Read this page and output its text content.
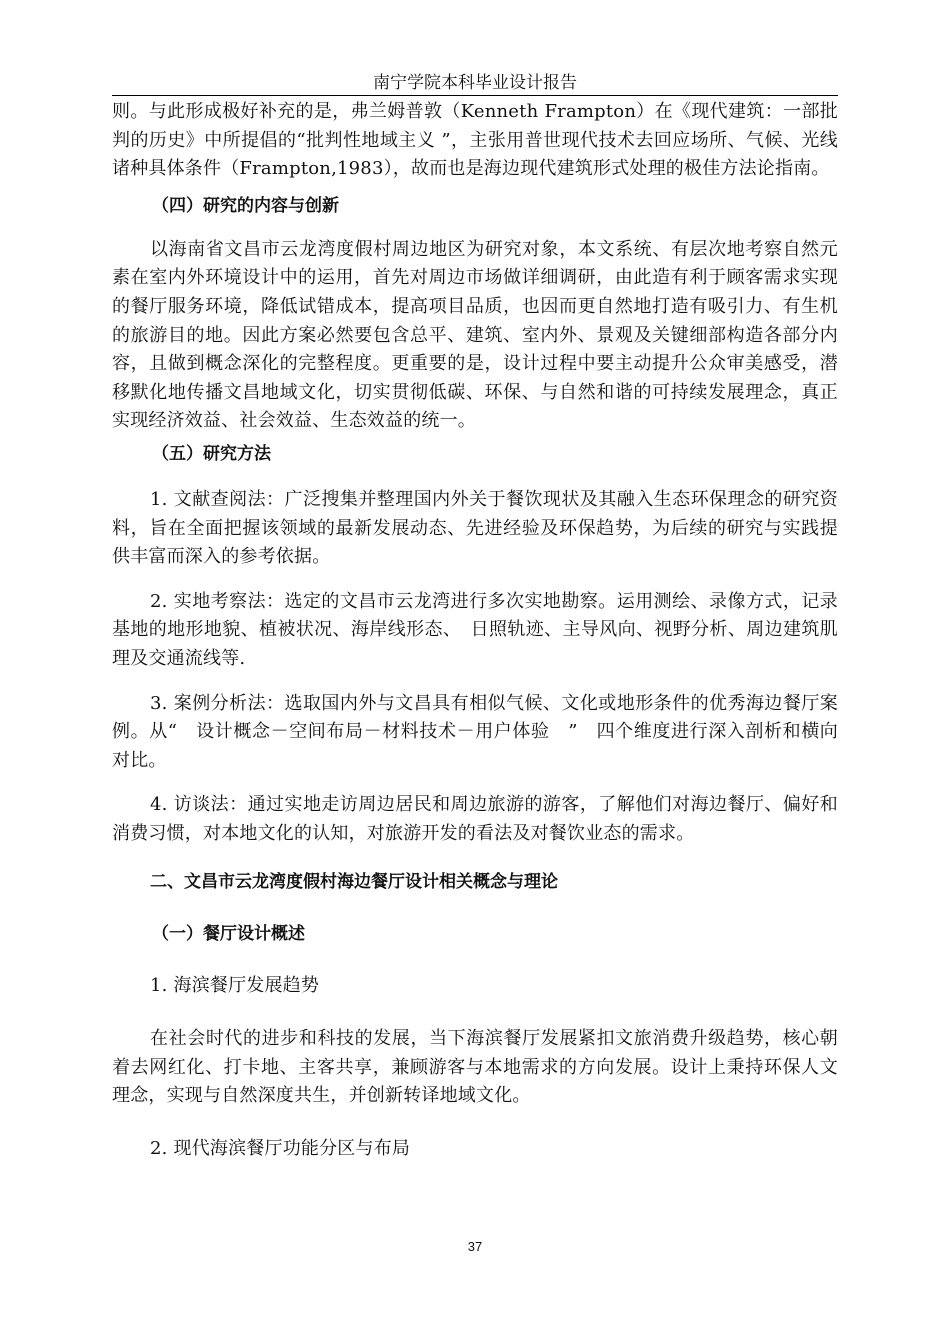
南宁学院本科毕业设计报告

则。与此形成极好补充的是，弗兰姆普敦（Kenneth Frampton）在《现代建筑：一部批判的历史》中所提倡的“批判性地域主义 ”，主张用普世现代技术去回应场所、气候、光线诸种具体条件（Frampton,1983），故而也是海边现代建筑形式处理的极佳方法论指南。

（四）研究的内容与创新

以海南省文昌市云龙湾度假村周边地区为研究对象，本文系统、有层次地考察自然元素在室内外环境设计中的运用，首先对周边市场做详细调研，由此造有利于顾客需求实现的餐厅服务环境，降低试错成本，提高项目品质，也因而更自然地打造有吸引力、有生机的旅游目的地。因此方案必然要包含总平、建筑、室内外、景观及关键细部构造各部分内容，且做到概念深化的完整程度。更重要的是，设计过程中要主动提升公众审美感受，潜移默化地传播文昌地域文化，切实贯彻低碳、环保、与自然和谐的可持续发展理念，真正实现经济效益、社会效益、生态效益的统一。

（五）研究方法

1. 文献查阅法：广泛搜集并整理国内外关于餐饮现状及其融入生态环保理念的研究资料，旨在全面把握该领域的最新发展动态、先进经验及环保趋势，为后续的研究与实践提供丰富而深入的参考依据。

2. 实地考察法：选定的文昌市云龙湾进行多次实地勘察。运用测绘、录像方式，记录基地的地形地貌、植被状况、海岸线形态、　日照轨迹、主导风向、视野分析、周边建筑肌理及交通流线等.

3. 案例分析法：选取国内外与文昌具有相似气候、文化或地形条件的优秀海边餐厅案例。从“　设计概念－空间布局－材料技术－用户体验　”　四个维度进行深入剖析和横向对比。

4. 访谈法：通过实地走访周边居民和周边旅游的游客，了解他们对海边餐厅、偏好和消费习惯，对本地文化的认知，对旅游开发的看法及对餐饮业态的需求。

二、文昌市云龙湾度假村海边餐厅设计相关概念与理论

（一）餐厅设计概述

1. 海滨餐厅发展趋势

在社会时代的进步和科技的发展，当下海滨餐厅发展紧扣文旅消费升级趋势，核心朝着去网红化、打卡地、主客共享，兼顾游客与本地需求的方向发展。设计上秉持环保人文理念，实现与自然深度共生，并创新转译地域文化。

2. 现代海滨餐厅功能分区与布局

37
